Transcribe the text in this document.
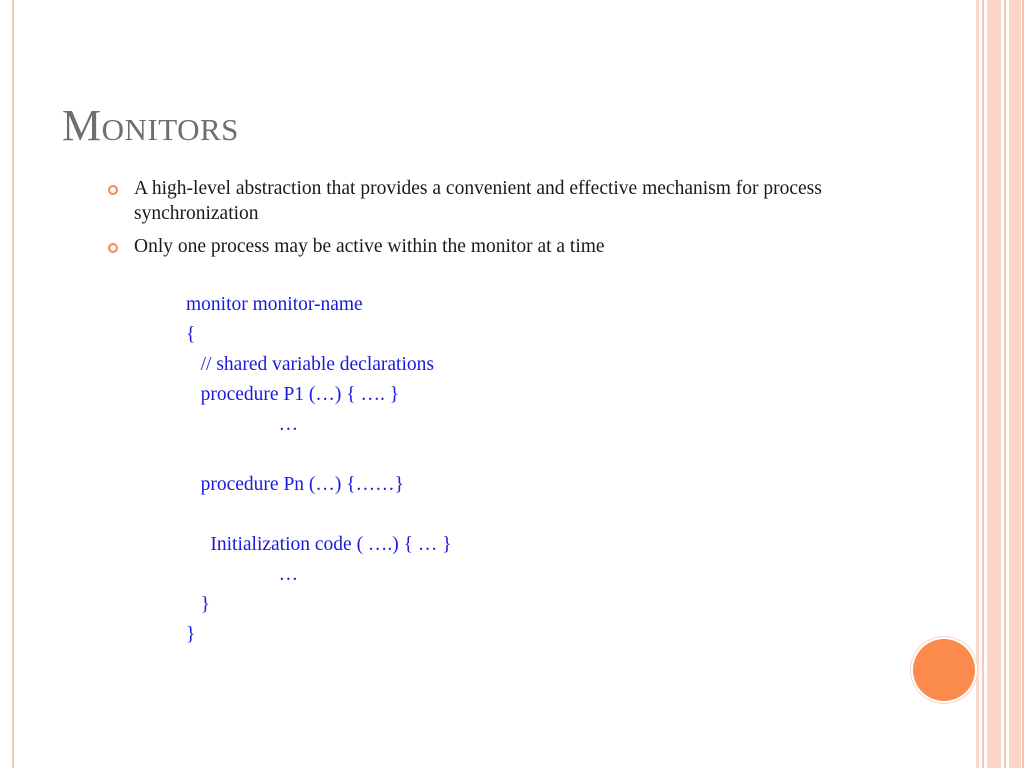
Monitors
A high-level abstraction that provides a convenient and effective mechanism for process synchronization
Only one process may be active within the monitor at a time
monitor monitor-name
{
// shared variable declarations
procedure P1 (…) { …. }
…
procedure Pn (…) {……}
Initialization code ( ….) { … }
…
}
}
